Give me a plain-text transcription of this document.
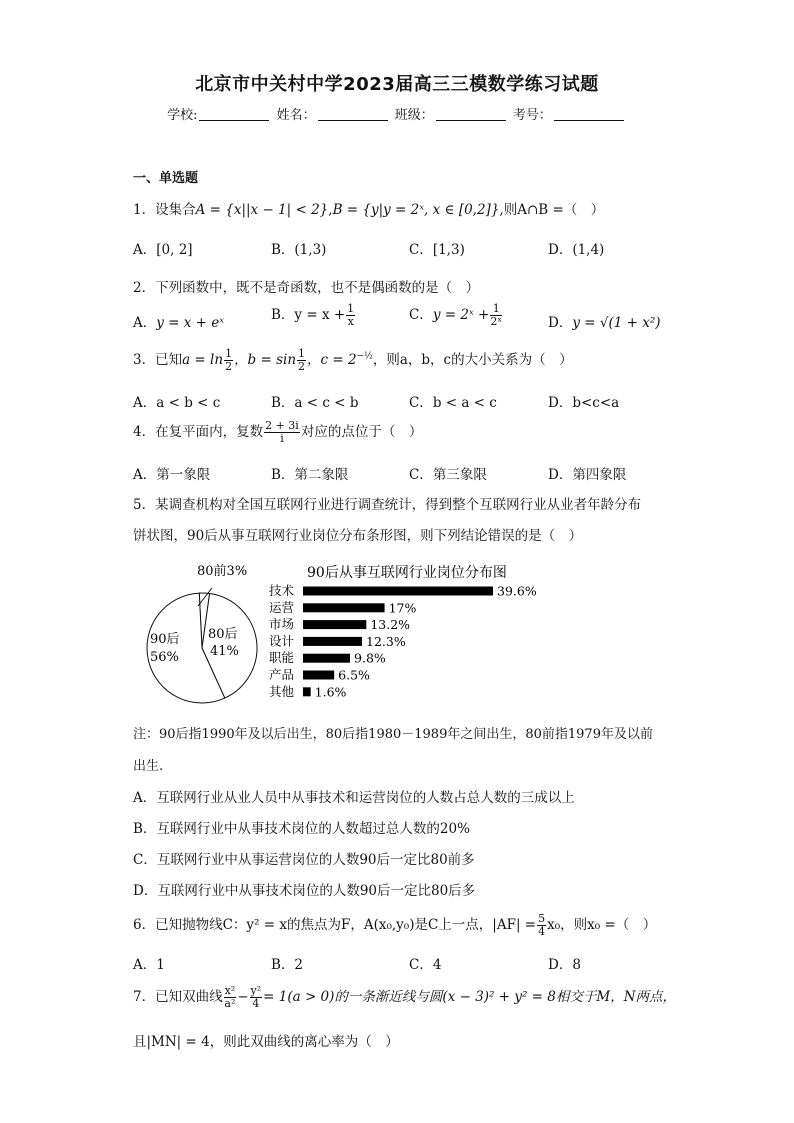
北京市中关村中学2023届高三三模数学练习试题
学校:	姓名：	班级：	考号：
一、单选题
1．设集合A = {x||x − 1| < 2},B = {y|y = 2ˣ, x ∈ [0,2]},则A∩B =（　）
A．[0, 2]	B．(1,3)	C．[1,3)	D．(1,4)
2．下列函数中，既不是奇函数，也不是偶函数的是（　）
A．y = x + eˣ	B．$y = x + \frac{1}{x}$	C．y = 2ˣ + $\frac{1}{\text{2ˣ}}$	D．y = √(1 + x²)
3．已知$a = \ln \frac{1}{2}$ ，$b = \sin \frac{1}{2}$ ，$c = 2^{-\frac{1}{2}}$，则a，b，c的大小关系为（　）
A．a < b < c	B．a < c < b	C．b < a < c	D．b<c<a
4．在复平面内，复数 $\frac{2 + 3i}{i}$ 对应的点位于（　）
A．第一象限	B．第二象限	C．第三象限	D．第四象限
5．某调查机构对全国互联网行业进行调查统计，得到整个互联网行业从业者年龄分布
饼状图，90后从事互联网行业岗位分布条形图，则下列结论错误的是（　）
80前3%
80后
41%
90后
56%
90后从事互联网行业岗位分布图
技术	39.6%
运营	17%
市场	13.2%
设计	12.3%
职能	9.8%
产品	6.5%
其他 1.6%
注：90后指1990年及以后出生，80后指1980－1989年之间出生，80前指1979年及以前
出生.
A．互联网行业从业人员中从事技术和运营岗位的人数占总人数的三成以上
B．互联网行业中从事技术岗位的人数超过总人数的20%
C．互联网行业中从事运营岗位的人数90后一定比80前多
D．互联网行业中从事技术岗位的人数90后一定比80后多
6．已知抛物线C：y² = x的焦点为F，A(x₀,y₀)是C上一点，$|AF| = \frac{5}{4} x_0$，则x₀ =（　）
A．1	B．2	C．4	D．8
7．已知双曲线 $\frac{\text{x²}}{\text{a²}} - \frac{\text{y²}}{4} = 1(a > 0)$的一条渐近线与圆(x − 3)² + y² = 8相交于M，N两点，
且|MN| = 4，则此双曲线的离心率为（　）
